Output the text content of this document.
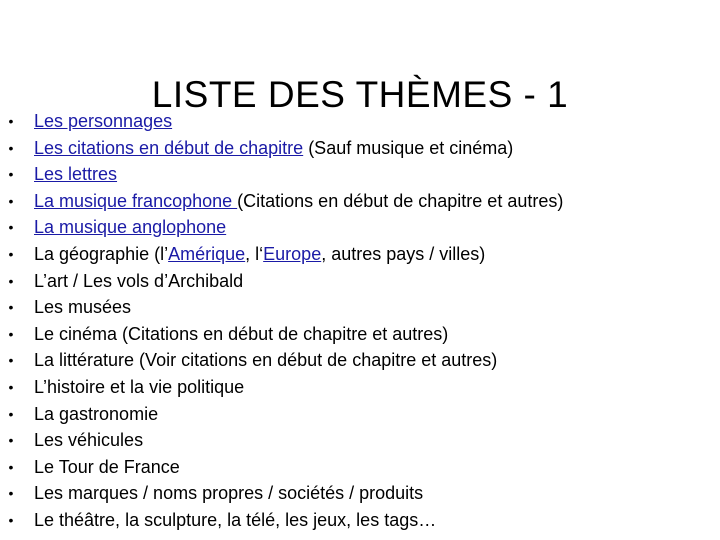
LISTE DES THÈMES - 1
• Les personnages
• Les citations en début de chapitre (Sauf musique et cinéma)
• Les lettres
• La musique francophone (Citations en début de chapitre et autres)
• La musique anglophone
• La géographie (l’Amérique, l‘Europe, autres pays / villes)
• L’art / Les vols d’Archibald
• Les musées
• Le cinéma (Citations en début de chapitre et autres)
• La littérature (Voir citations en début de chapitre et autres)
• L’histoire et la vie politique
• La gastronomie
• Les véhicules
• Le Tour de France
• Les marques / noms propres / sociétés / produits
• Le théâtre, la sculpture, la télé, les jeux, les tags…
